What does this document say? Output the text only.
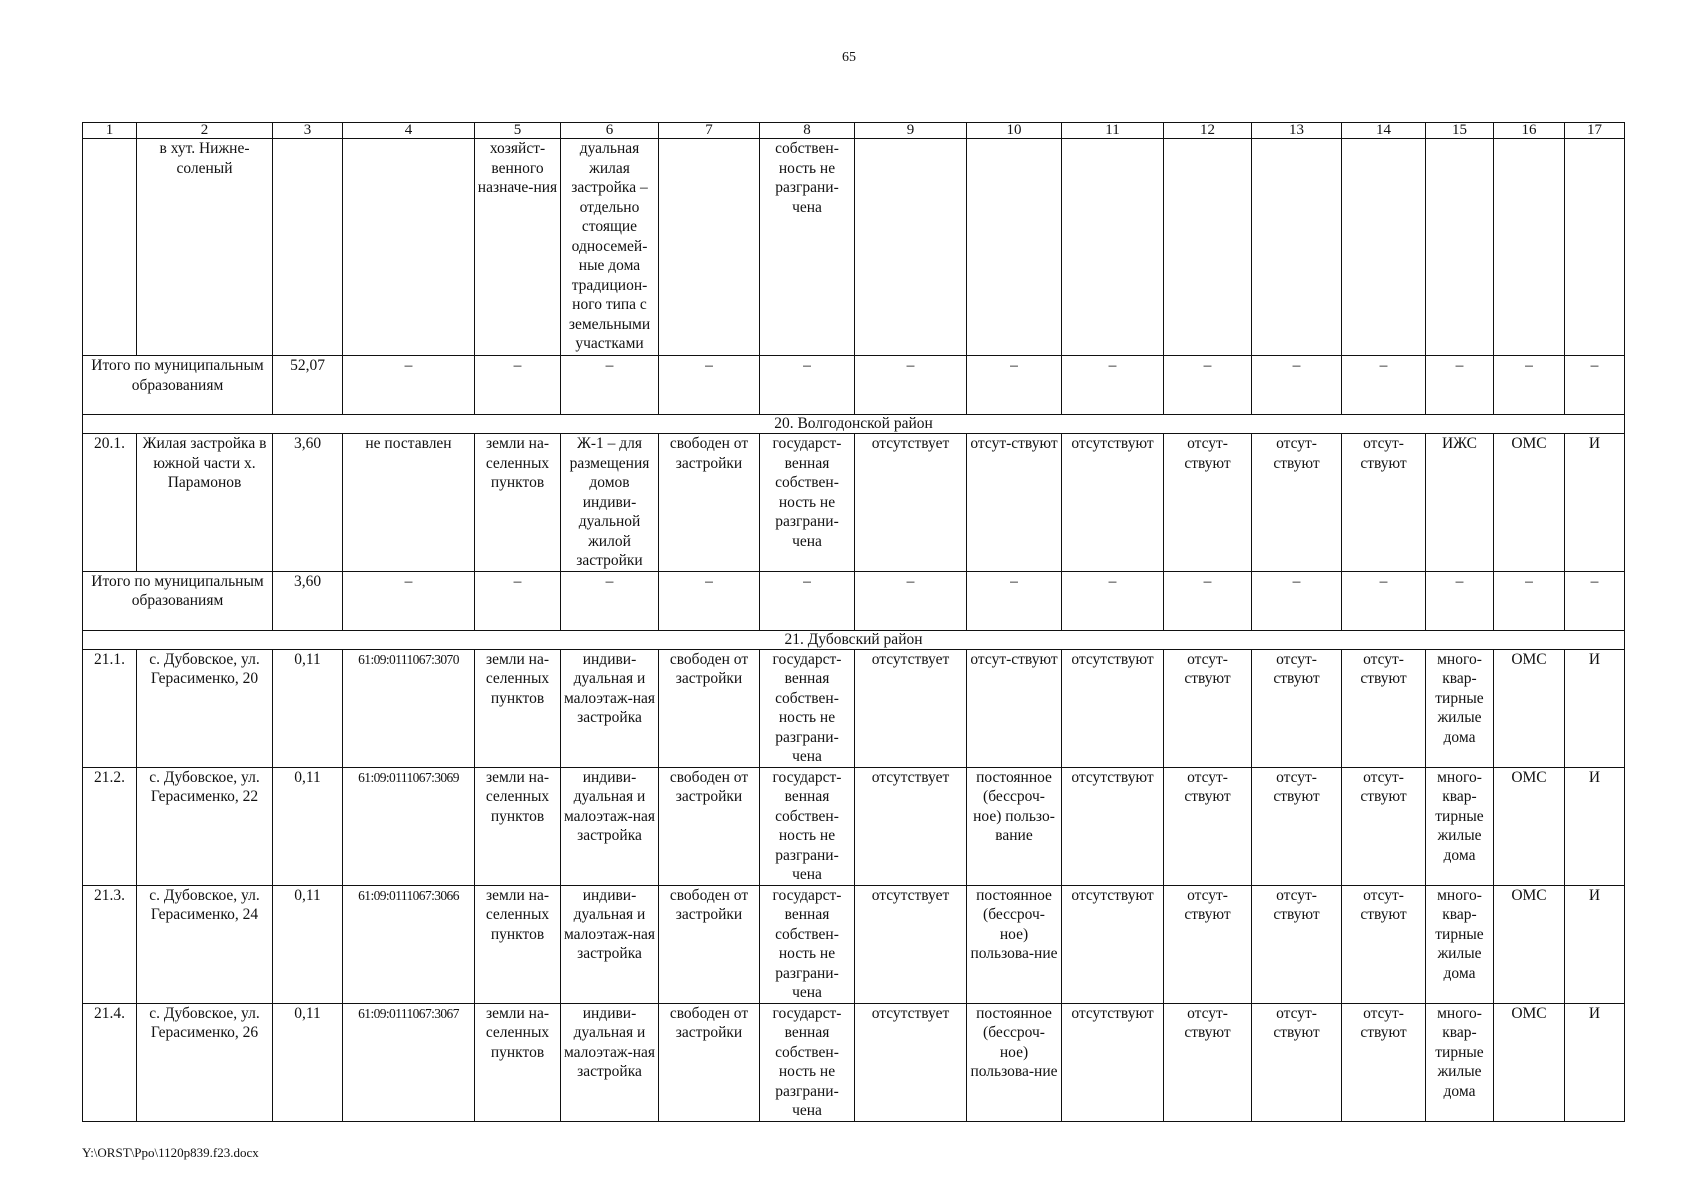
65
1	2	3	4	5	6	7	8	9	10	11	12	13	14	15	16	17	
	в хут. Нижне-соленый			хозяйст-венного назначе-ния	дуальная жилая застройка – отдельно стоящие односемей-ные дома традицион-ного типа с земельными участками		собствен-ность не разграни-чена										
Итого по муниципальным образованиям		52,07	–	–	–	–	–	–	–	–	–	–	–	–	–	–	
20. Волгодонской район																	
20.1.	Жилая застройка в южной части х. Парамонов	3,60	не поставлен	земли на-селенных пунктов	Ж-1 – для размещения домов индиви-дуальной жилой застройки	свободен от застройки	государст-венная собствен-ность не разграни-чена	отсутствует	отсут-ствуют	отсутствуют	отсут-ствуют	отсут-ствуют	отсут-ствуют	ИЖС	ОМС	И	
Итого по муниципальным образованиям		3,60	–	–	–	–	–	–	–	–	–	–	–	–	–	–	
21. Дубовский район																	
21.1.	с. Дубовское, ул. Герасименко, 20	0,11	61:09:0111067:3070	земли на-селенных пунктов	индиви-дуальная и малоэтаж-ная застройка	свободен от застройки	государст-венная собствен-ность не разграни-чена	отсутствует	отсут-ствуют	отсутствуют	отсут-ствуют	отсут-ствуют	отсут-ствуют	много-квар-тирные жилые дома	ОМС	И	
21.2.	с. Дубовское, ул. Герасименко, 22	0,11	61:09:0111067:3069	земли на-селенных пунктов	индиви-дуальная и малоэтаж-ная застройка	свободен от застройки	государст-венная собствен-ность не разграни-чена	отсутствует	постоянное (бессроч-ное) пользо-вание	отсутствуют	отсут-ствуют	отсут-ствуют	отсут-ствуют	много-квар-тирные жилые дома	ОМС	И	
21.3.	с. Дубовское, ул. Герасименко, 24	0,11	61:09:0111067:3066	земли на-селенных пунктов	индиви-дуальная и малоэтаж-ная застройка	свободен от застройки	государст-венная собствен-ность не разграни-чена	отсутствует	постоянное (бессроч-ное) пользова-ние	отсутствуют	отсут-ствуют	отсут-ствуют	отсут-ствуют	много-квар-тирные жилые дома	ОМС	И	
21.4.	с. Дубовское, ул. Герасименко, 26	0,11	61:09:0111067:3067	земли на-селенных пунктов	индиви-дуальная и малоэтаж-ная застройка	свободен от застройки	государст-венная собствен-ность не разграни-чена	отсутствует	постоянное (бессроч-ное) пользова-ние	отсутствуют	отсут-ствуют	отсут-ствуют	отсут-ствуют	много-квар-тирные жилые дома	ОМС	И	
Y:\ORST\Ppo\1120p839.f23.docx
